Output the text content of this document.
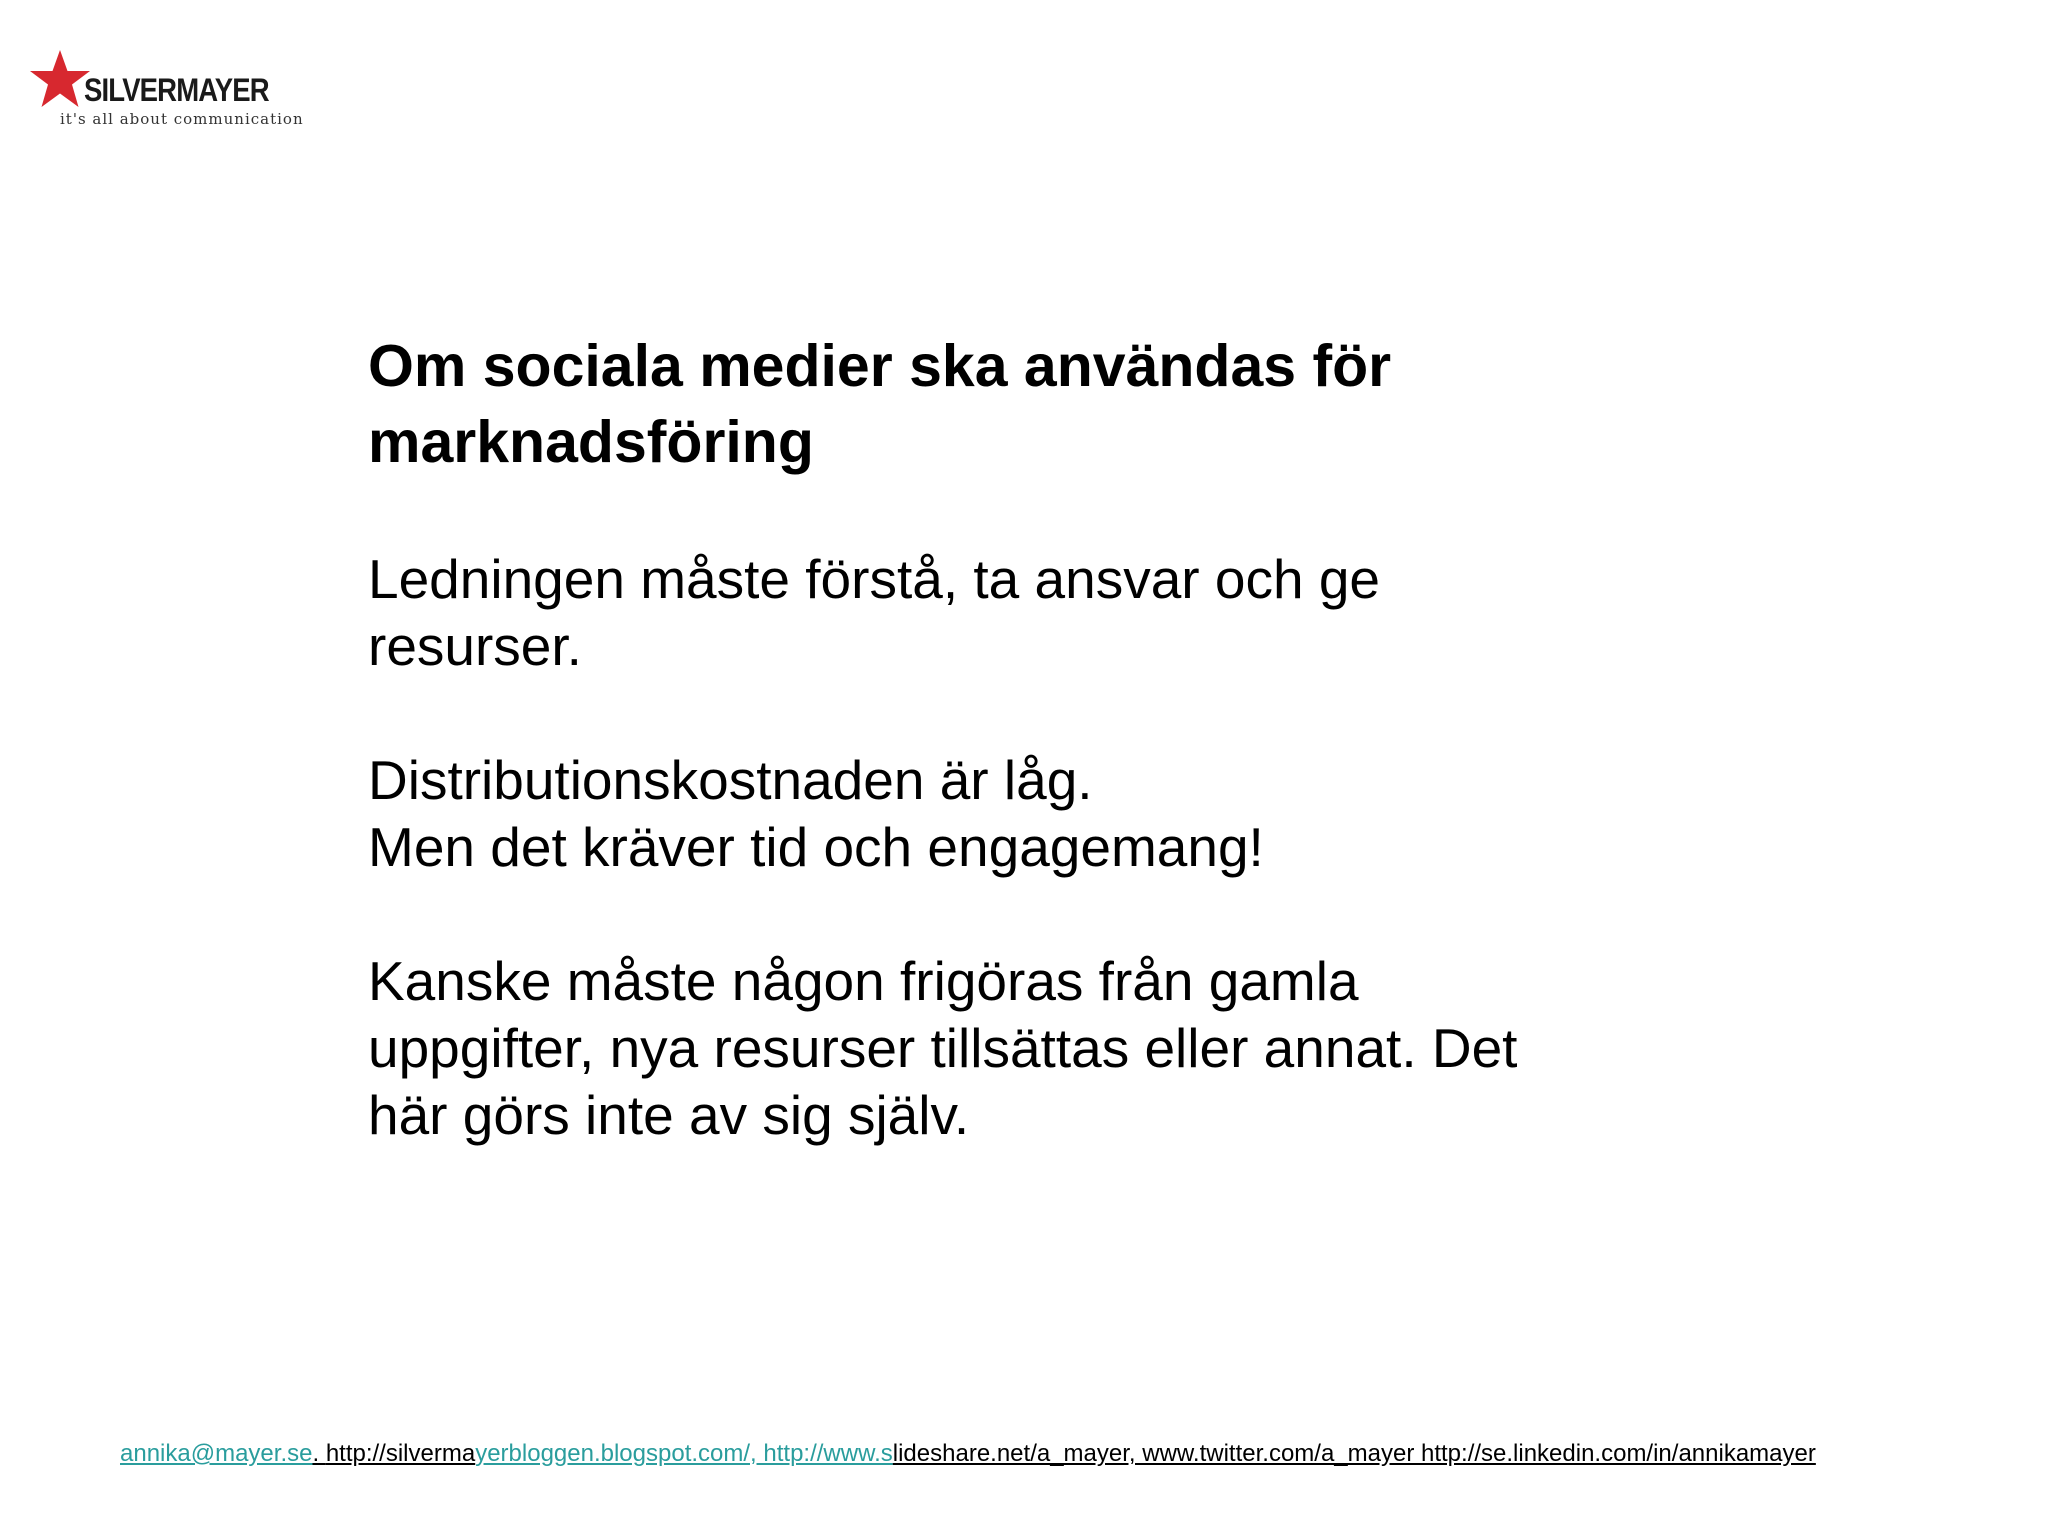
SILVERMAYER
it's all about communication
Om sociala medier ska användas för
marknadsföring

Ledningen måste förstå, ta ansvar och ge
resurser.

Distributionskostnaden är låg.
Men det kräver tid och engagemang!

Kanske måste någon frigöras från gamla
uppgifter, nya resurser tillsättas eller annat. Det
här görs inte av sig själv.

annika@mayer.se. http://silvermayerbloggen.blogspot.com/, http://www.slideshare.net/a_mayer, www.twitter.com/a_mayer http://se.linkedin.com/in/annikamayer
